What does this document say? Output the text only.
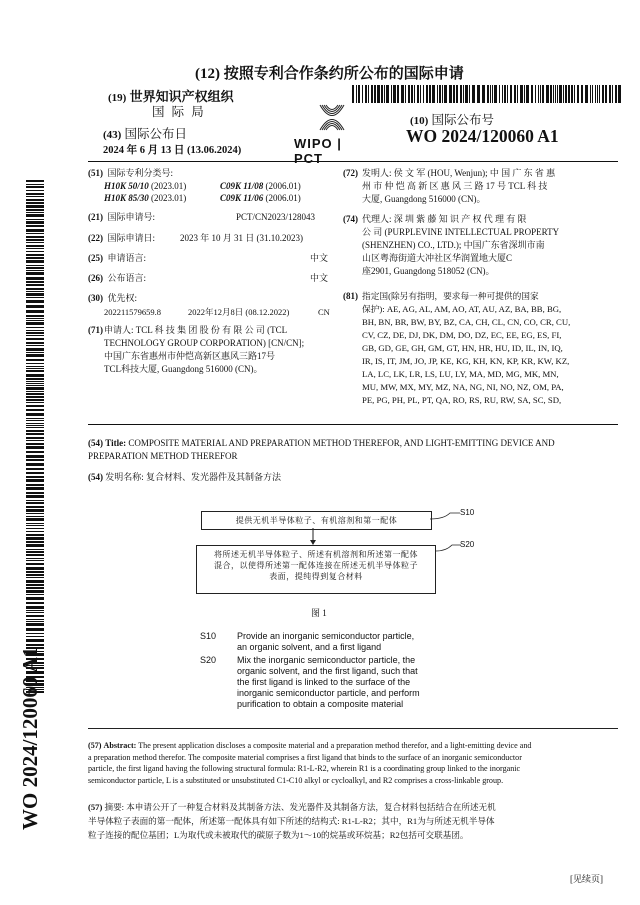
(12) 按照专利合作条约所公布的国际申请
(19) 世界知识产权组织
国 际 局
(43) 国际公布日
2024 年 6 月 13 日 (13.06.2024)	WIPO | PCT
(10) 国际公布号
WO 2024/120060 A1
(51) 国际专利分类号:
H10K 50/10 (2023.01)	C09K 11/08 (2006.01)
H10K 85/30 (2023.01)	C09K 11/06 (2006.01)
(21) 国际申请号:	PCT/CN2023/128043
(22) 国际申请日:	2023 年 10 月 31 日 (31.10.2023)
(25) 申请语言:	中文
(26) 公布语言:	中文
(30) 优先权:
202211579659.8	2022年12月8日 (08.12.2022)	CN
(71) 申请人: TCL 科 技 集 团 股 份 有 限 公 司 (TCL
TECHNOLOGY GROUP CORPORATION) [CN/CN];
中国广东省惠州市仲恺高新区惠风三路17号
TCL科技大厦, Guangdong 516000 (CN)。
(72) 发明人: 侯 文 军 (HOU, Wenjun); 中 国 广 东 省 惠
州 市 仲 恺 高 新 区 惠 风 三 路 17 号 TCL 科 技
大厦, Guangdong 516000 (CN)。
(74) 代理人: 深 圳 紫 藤 知 识 产 权 代 理 有 限
公 司 (PURPLEVINE INTELLECTUAL PROPERTY
(SHENZHEN) CO., LTD.); 中国广东省深圳市南
山区粤海街道大冲社区华润置地大厦C
座2901, Guangdong 518052 (CN)。
(81) 指定国(除另有指明，要求每一种可提供的国家
保护): AE, AG, AL, AM, AO, AT, AU, AZ, BA, BB, BG,
BH, BN, BR, BW, BY, BZ, CA, CH, CL, CN, CO, CR, CU,
CV, CZ, DE, DJ, DK, DM, DO, DZ, EC, EE, EG, ES, FI,
GB, GD, GE, GH, GM, GT, HN, HR, HU, ID, IL, IN, IQ,
IR, IS, IT, JM, JO, JP, KE, KG, KH, KN, KP, KR, KW, KZ,
LA, LC, LK, LR, LS, LU, LY, MA, MD, MG, MK, MN,
MU, MW, MX, MY, MZ, NA, NG, NI, NO, NZ, OM, PA,
PE, PG, PH, PL, PT, QA, RO, RS, RU, RW, SA, SC, SD,
(54) Title: COMPOSITE MATERIAL AND PREPARATION METHOD THEREFOR, AND LIGHT-EMITTING DEVICE AND
PREPARATION METHOD THEREFOR
(54) 发明名称: 复合材料、发光器件及其制备方法
提供无机半导体粒子、有机溶剂和第一配体
S10
将所述无机半导体粒子、所述有机溶剂和所述第一配体
混合，以使得所述第一配体连接在所述无机半导体粒子
表面，提纯得到复合材料
S20
图 1
S10 Provide an inorganic semiconductor particle,
an organic solvent, and a first ligand
S20 Mix the inorganic semiconductor particle, the
organic solvent, and the first ligand, such that
the first ligand is linked to the surface of the
inorganic semiconductor particle, and perform
purification to obtain a composite material
(57) Abstract: The present application discloses a composite material and a preparation method therefor, and a light-emitting device and
a preparation method therefor. The composite material comprises a first ligand that binds to the surface of an inorganic semiconductor
particle, the first ligand having the following structural formula: R1-L-R2, wherein R1 is a coordinating group linked to the inorganic
semiconductor particle, L is a substituted or unsubstituted C1-C10 alkyl or cycloalkyl, and R2 comprises a cross-linkable group.
(57) 摘要: 本申请公开了一种复合材料及其制备方法、发光器件及其制备方法，复合材料包括结合在所述无机
半导体粒子表面的第一配体，所述第一配体具有如下所述的结构式: R1-L-R2；其中，R1为与所述无机半导体
粒子连接的配位基团；L为取代或未被取代的碳原子数为1～10的烷基或环烷基；R2包括可交联基团。
[见续页]
WO 2024/120060 A1
